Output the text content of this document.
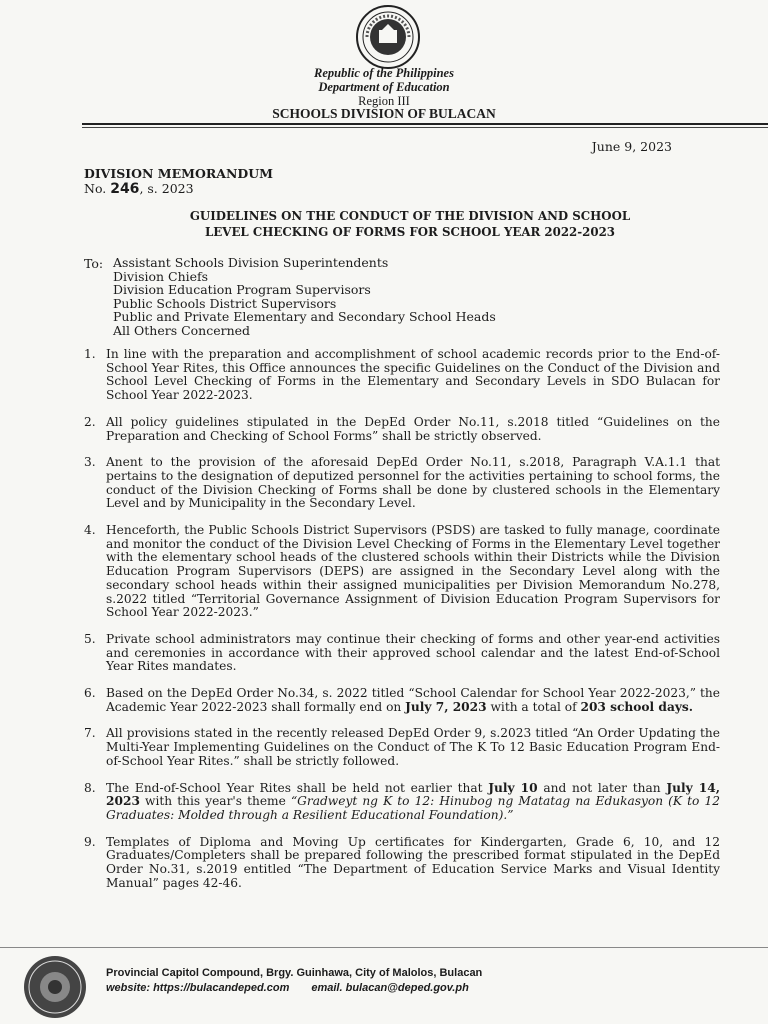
Republic of the Philippines
Department of Education
Region III
SCHOOLS DIVISION OF BULACAN
June 9, 2023
DIVISION MEMORANDUM
No. 246, s. 2023
GUIDELINES ON THE CONDUCT OF THE DIVISION AND SCHOOL
LEVEL CHECKING OF FORMS FOR SCHOOL YEAR 2022-2023
To: Assistant Schools Division Superintendents
Division Chiefs
Division Education Program Supervisors
Public Schools District Supervisors
Public and Private Elementary and Secondary School Heads
All Others Concerned
1. In line with the preparation and accomplishment of school academic records prior to the End-of-School Year Rites, this Office announces the specific Guidelines on the Conduct of the Division and School Level Checking of Forms in the Elementary and Secondary Levels in SDO Bulacan for School Year 2022-2023.
2. All policy guidelines stipulated in the DepEd Order No.11, s.2018 titled “Guidelines on the Preparation and Checking of School Forms” shall be strictly observed.
3. Anent to the provision of the aforesaid DepEd Order No.11, s.2018, Paragraph V.A.1.1 that pertains to the designation of deputized personnel for the activities pertaining to school forms, the conduct of the Division Checking of Forms shall be done by clustered schools in the Elementary Level and by Municipality in the Secondary Level.
4. Henceforth, the Public Schools District Supervisors (PSDS) are tasked to fully manage, coordinate and monitor the conduct of the Division Level Checking of Forms in the Elementary Level together with the elementary school heads of the clustered schools within their Districts while the Division Education Program Supervisors (DEPS) are assigned in the Secondary Level along with the secondary school heads within their assigned municipalities per Division Memorandum No.278, s.2022 titled “Territorial Governance Assignment of Division Education Program Supervisors for School Year 2022-2023.”
5. Private school administrators may continue their checking of forms and other year-end activities and ceremonies in accordance with their approved school calendar and the latest End-of-School Year Rites mandates.
6. Based on the DepEd Order No.34, s. 2022 titled “School Calendar for School Year 2022-2023,” the Academic Year 2022-2023 shall formally end on July 7, 2023 with a total of 203 school days.
7. All provisions stated in the recently released DepEd Order 9, s.2023 titled “An Order Updating the Multi-Year Implementing Guidelines on the Conduct of The K To 12 Basic Education Program End-of-School Year Rites.” shall be strictly followed.
8. The End-of-School Year Rites shall be held not earlier that July 10 and not later than July 14, 2023 with this year's theme “Gradweyt ng K to 12: Hinubog ng Matatag na Edukasyon (K to 12 Graduates: Molded through a Resilient Educational Foundation).”
9. Templates of Diploma and Moving Up certificates for Kindergarten, Grade 6, 10, and 12 Graduates/Completers shall be prepared following the prescribed format stipulated in the DepEd Order No.31, s.2019 entitled “The Department of Education Service Marks and Visual Identity Manual” pages 42-46.
Provincial Capitol Compound, Brgy. Guinhawa, City of Malolos, Bulacan
website: https://bulacandeped.com email. bulacan@deped.gov.ph
